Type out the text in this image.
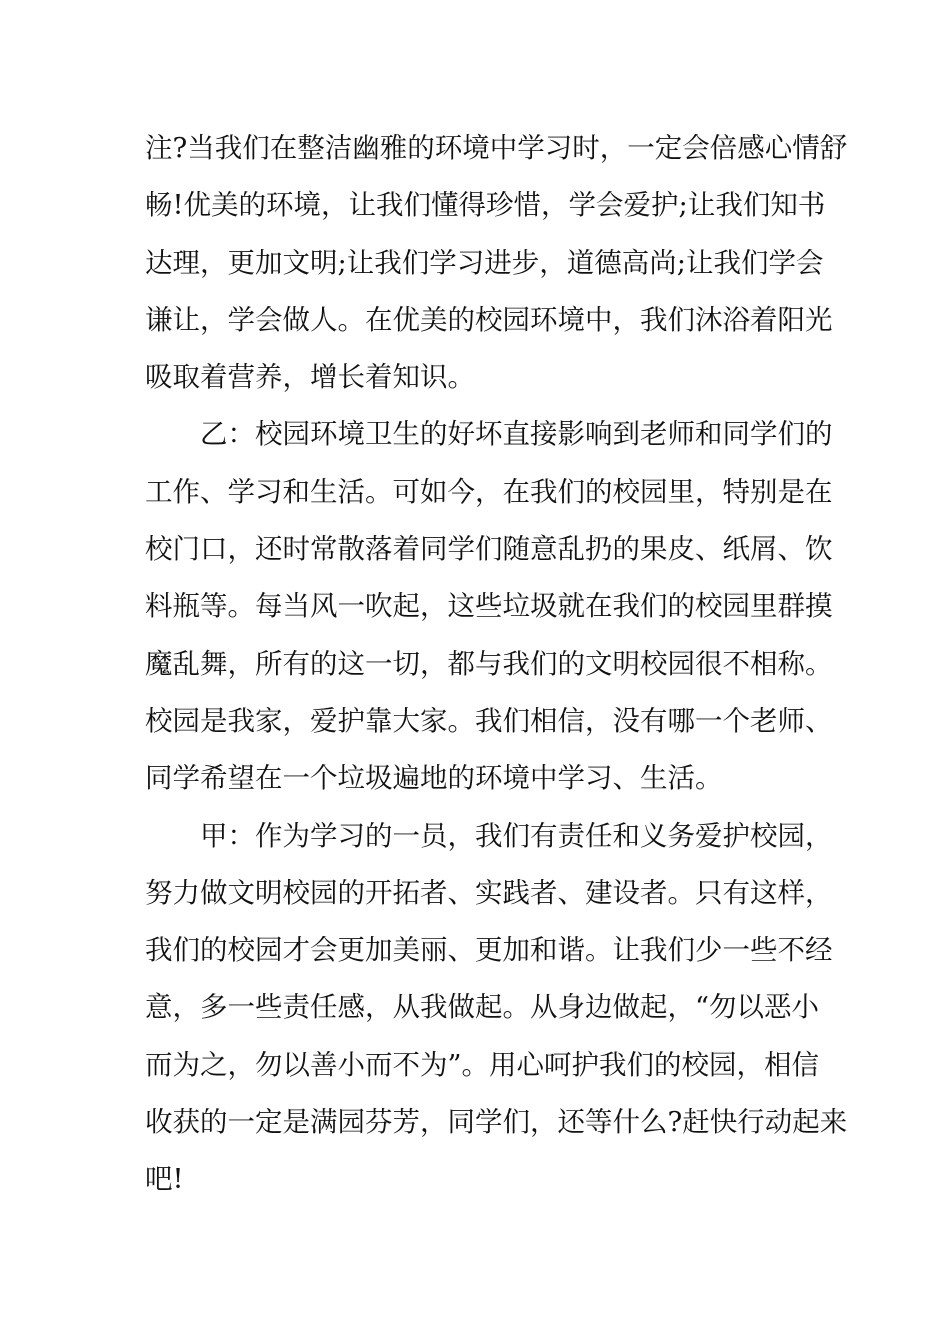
注?当我们在整洁幽雅的环境中学习时，一定会倍感心情舒
畅!优美的环境，让我们懂得珍惜，学会爱护;让我们知书
达理，更加文明;让我们学习进步，道德高尚;让我们学会
谦让，学会做人。在优美的校园环境中，我们沐浴着阳光
吸取着营养，增长着知识。
乙：校园环境卫生的好坏直接影响到老师和同学们的
工作、学习和生活。可如今，在我们的校园里，特别是在
校门口，还时常散落着同学们随意乱扔的果皮、纸屑、饮
料瓶等。每当风一吹起，这些垃圾就在我们的校园里群摸
魔乱舞，所有的这一切，都与我们的文明校园很不相称。
校园是我家，爱护靠大家。我们相信，没有哪一个老师、
同学希望在一个垃圾遍地的环境中学习、生活。
甲：作为学习的一员，我们有责任和义务爱护校园，
努力做文明校园的开拓者、实践者、建设者。只有这样，
我们的校园才会更加美丽、更加和谐。让我们少一些不经
意，多一些责任感，从我做起。从身边做起，“勿以恶小
而为之，勿以善小而不为”。用心呵护我们的校园，相信
收获的一定是满园芬芳，同学们，还等什么?赶快行动起来
吧!
